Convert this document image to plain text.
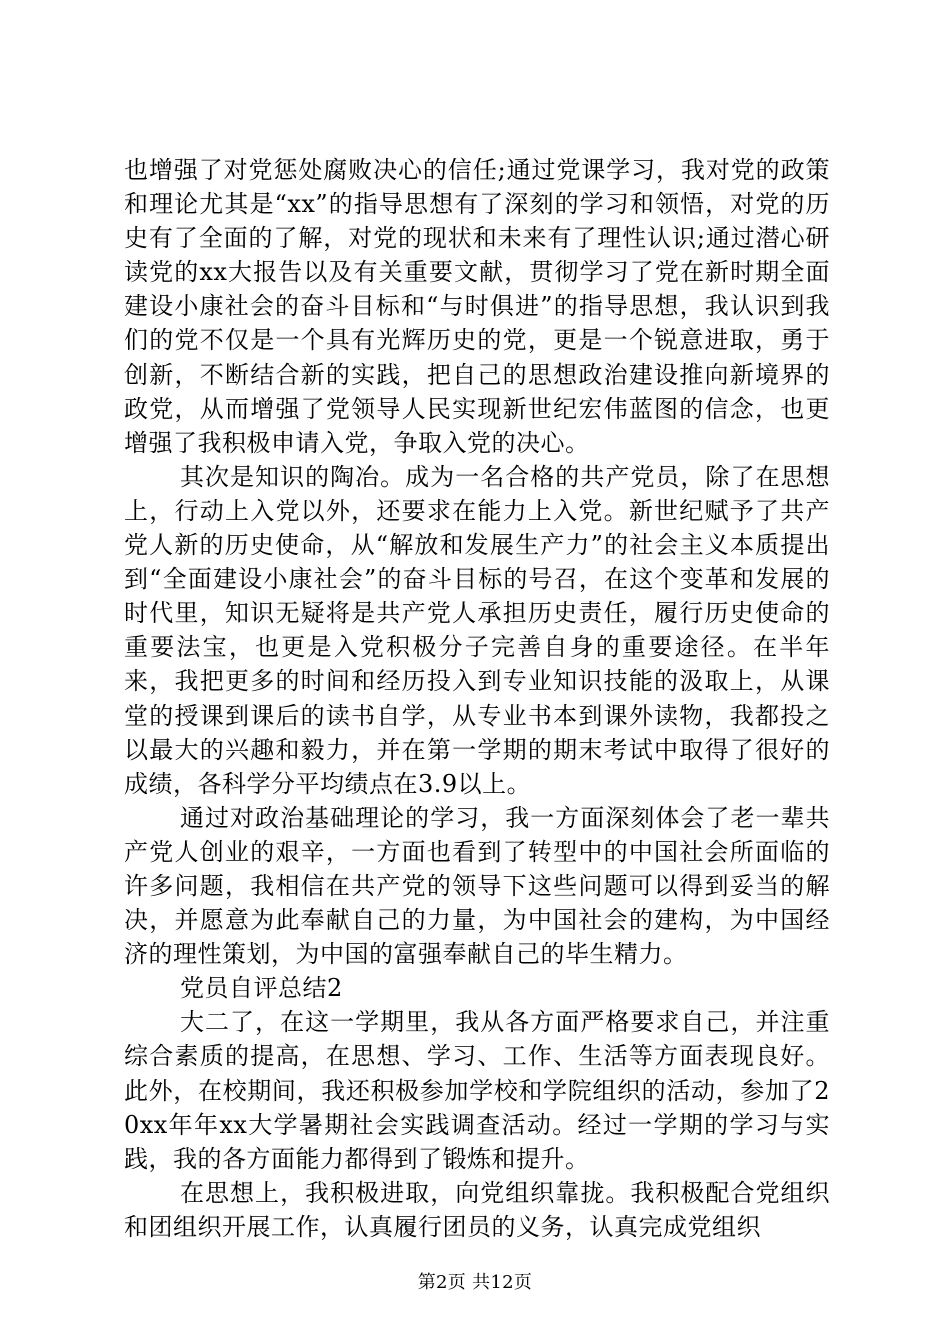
也增强了对党惩处腐败决心的信任;通过党课学习，我对党的政策和理论尤其是“xx”的指导思想有了深刻的学习和领悟，对党的历史有了全面的了解，对党的现状和未来有了理性认识;通过潜心研读党的xx大报告以及有关重要文献，贯彻学习了党在新时期全面建设小康社会的奋斗目标和“与时俱进”的指导思想，我认识到我们的党不仅是一个具有光辉历史的党，更是一个锐意进取，勇于创新，不断结合新的实践，把自己的思想政治建设推向新境界的政党，从而增强了党领导人民实现新世纪宏伟蓝图的信念，也更增强了我积极申请入党，争取入党的决心。

其次是知识的陶冶。成为一名合格的共产党员，除了在思想上，行动上入党以外，还要求在能力上入党。新世纪赋予了共产党人新的历史使命，从“解放和发展生产力”的社会主义本质提出到“全面建设小康社会”的奋斗目标的号召，在这个变革和发展的时代里，知识无疑将是共产党人承担历史责任，履行历史使命的重要法宝，也更是入党积极分子完善自身的重要途径。在半年来，我把更多的时间和经历投入到专业知识技能的汲取上，从课堂的授课到课后的读书自学，从专业书本到课外读物，我都投之以最大的兴趣和毅力，并在第一学期的期末考试中取得了很好的成绩，各科学分平均绩点在3.9以上。

通过对政治基础理论的学习，我一方面深刻体会了老一辈共产党人创业的艰辛，一方面也看到了转型中的中国社会所面临的许多问题，我相信在共产党的领导下这些问题可以得到妥当的解决，并愿意为此奉献自己的力量，为中国社会的建构，为中国经济的理性策划，为中国的富强奉献自己的毕生精力。

党员自评总结2

大二了，在这一学期里，我从各方面严格要求自己，并注重综合素质的提高，在思想、学习、工作、生活等方面表现良好。此外，在校期间，我还积极参加学校和学院组织的活动，参加了20xx年年xx大学暑期社会实践调查活动。经过一学期的学习与实践，我的各方面能力都得到了锻炼和提升。

在思想上，我积极进取，向党组织靠拢。我积极配合党组织和团组织开展工作，认真履行团员的义务，认真完成党组织

第2页 共12页
